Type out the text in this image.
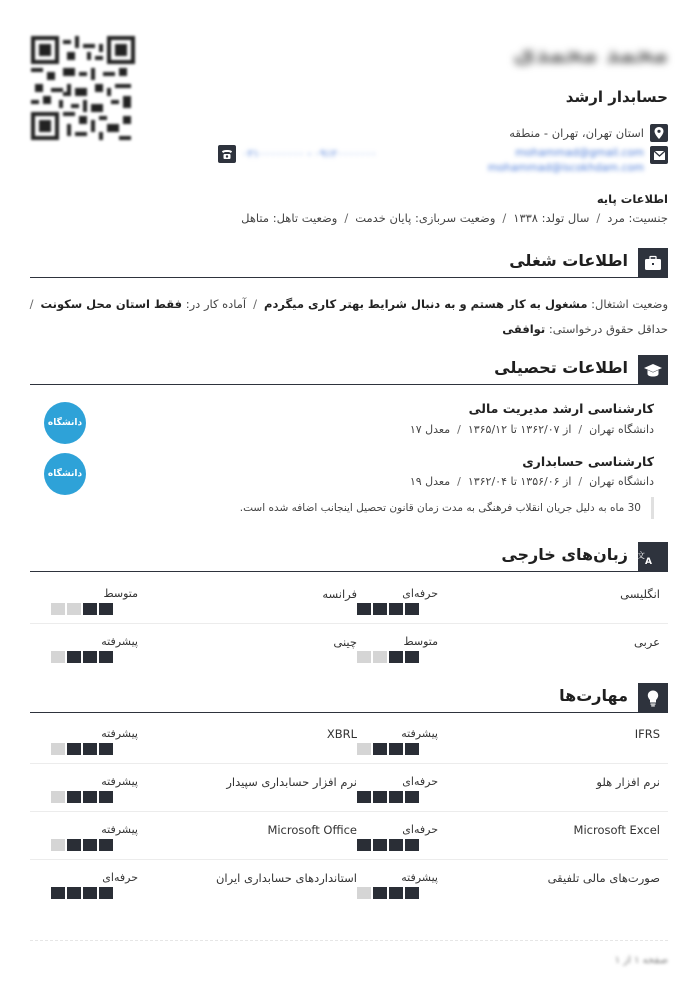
محمد محمدی
حسابدار ارشد
استان تهران، تهران - منطقه
mohammad@gmail.com
mohammad@iscokhdam.com
۰۹۱۲۰۰۰۰۰۰۰ - ۰۲۱۰۰۰۰۰۰۰۰
اطلاعات پایه
جنسیت: مرد/سال تولد: ۱۳۳۸/وضعیت سربازی: پایان خدمت/وضعیت تاهل: متاهل
اطلاعات شغلی
وضعیت اشتغال: مشغول به کار هستم و به دنبال شرایط بهتر کاری میگردم/آماده کار در: فقط استان محل سکونت/
حداقل حقوق درخواستی: توافقی
اطلاعات تحصیلی
کارشناسی ارشد مدیریت مالی
دانشگاه تهران/از ۱۳۶۲/۰۷ تا ۱۳۶۵/۱۲/معدل ۱۷
دانشگاه
کارشناسی حسابداری
دانشگاه تهران/از ۱۳۵۶/۰۶ تا ۱۳۶۲/۰۴/معدل ۱۹
دانشگاه
30 ماه به دلیل جریان انقلاب فرهنگی به مدت زمان قانون تحصیل اینجانب اضافه شده است.
文
A
زبان‌های خارجی
انگلیسی
حرفه‌ای
فرانسه
متوسط
عربی
متوسط
چینی
پیشرفته
مهارت‌ها
IFRS
پیشرفته
XBRL
پیشرفته
نرم افزار هلو
حرفه‌ای
نرم افزار حسابداری سپیدار
پیشرفته
Microsoft Excel
حرفه‌ای
Microsoft Office
پیشرفته
صورت‌های مالی تلفیقی
پیشرفته
استانداردهای حسابداری ایران
حرفه‌ای
صفحه ۱ از ۱
